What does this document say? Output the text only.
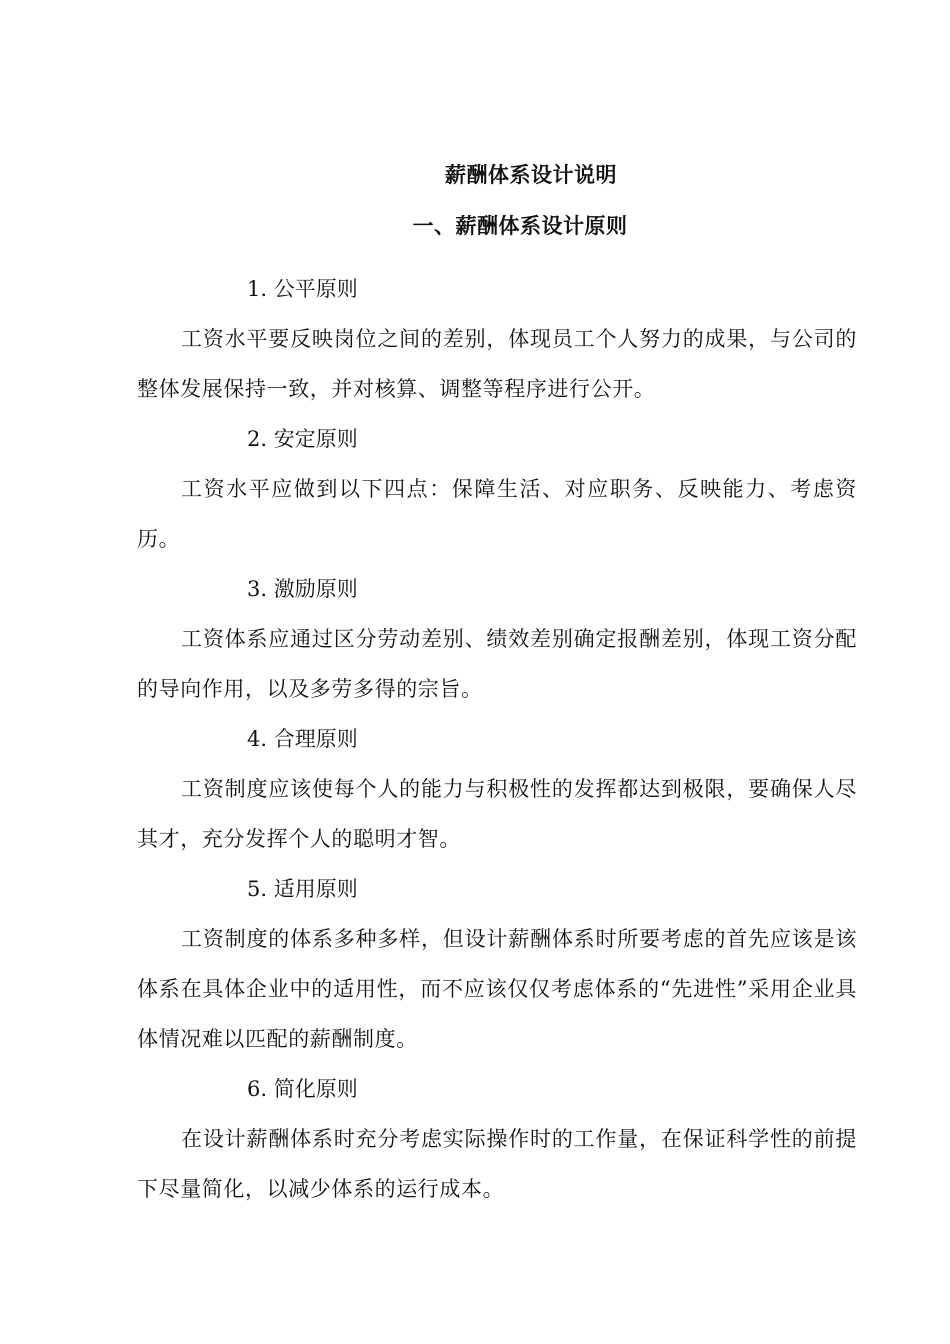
薪酬体系设计说明
一、薪酬体系设计原则

1. 公平原则

工资水平要反映岗位之间的差别，体现员工个人努力的成果，与公司的整体发展保持一致，并对核算、调整等程序进行公开。

2. 安定原则

工资水平应做到以下四点：保障生活、对应职务、反映能力、考虑资历。

3. 激励原则

工资体系应通过区分劳动差别、绩效差别确定报酬差别，体现工资分配的导向作用，以及多劳多得的宗旨。

4. 合理原则

工资制度应该使每个人的能力与积极性的发挥都达到极限，要确保人尽其才，充分发挥个人的聪明才智。

5. 适用原则

工资制度的体系多种多样，但设计薪酬体系时所要考虑的首先应该是该体系在具体企业中的适用性，而不应该仅仅考虑体系的“先进性”采用企业具体情况难以匹配的薪酬制度。

6. 简化原则

在设计薪酬体系时充分考虑实际操作时的工作量，在保证科学性的前提下尽量简化，以减少体系的运行成本。
